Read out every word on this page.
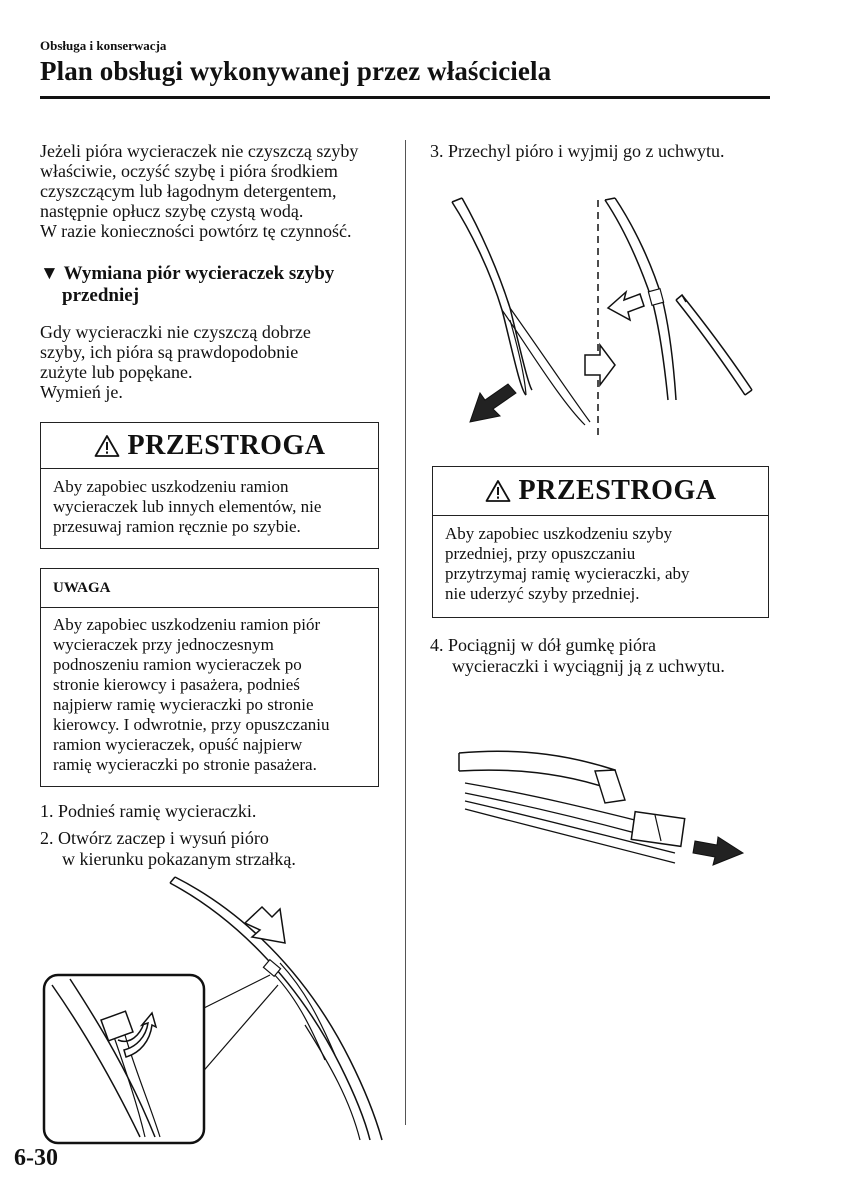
Obsługa i konserwacja
Plan obsługi wykonywanej przez właściciela

Jeżeli pióra wycieraczek nie czyszczą szyby

właściwie, oczyść szybę i pióra środkiem

czyszczącym lub łagodnym detergentem,

następnie opłucz szybę czystą wodą.

W razie konieczności powtórz tę czynność.

▼ Wymiana piór wycieraczek szyby
przedniej

Gdy wycieraczki nie czyszczą dobrze

szyby, ich pióra są prawdopodobnie

zużyte lub popękane.

Wymień je.

PRZESTROGA
Aby zapobiec uszkodzeniu ramion
wycieraczek lub innych elementów, nie
przesuwaj ramion ręcznie po szybie.
UWAGA
Aby zapobiec uszkodzeniu ramion piór
wycieraczek przy jednoczesnym
podnoszeniu ramion wycieraczek po
stronie kierowcy i pasażera, podnieś
najpierw ramię wycieraczki po stronie
kierowcy. I odwrotnie, przy opuszczaniu
ramion wycieraczek, opuść najpierw
ramię wycieraczki po stronie pasażera.
1. Podnieś ramię wycieraczki.
2. Otwórz zaczep i wysuń pióro
w kierunku pokazanym strzałką.
3. Przechyl pióro i wyjmij go z uchwytu.
PRZESTROGA
Aby zapobiec uszkodzeniu szyby
przedniej, przy opuszczaniu
przytrzymaj ramię wycieraczki, aby
nie uderzyć szyby przedniej.
4. Pociągnij w dół gumkę pióra
wycieraczki i wyciągnij ją z uchwytu.
6-30
